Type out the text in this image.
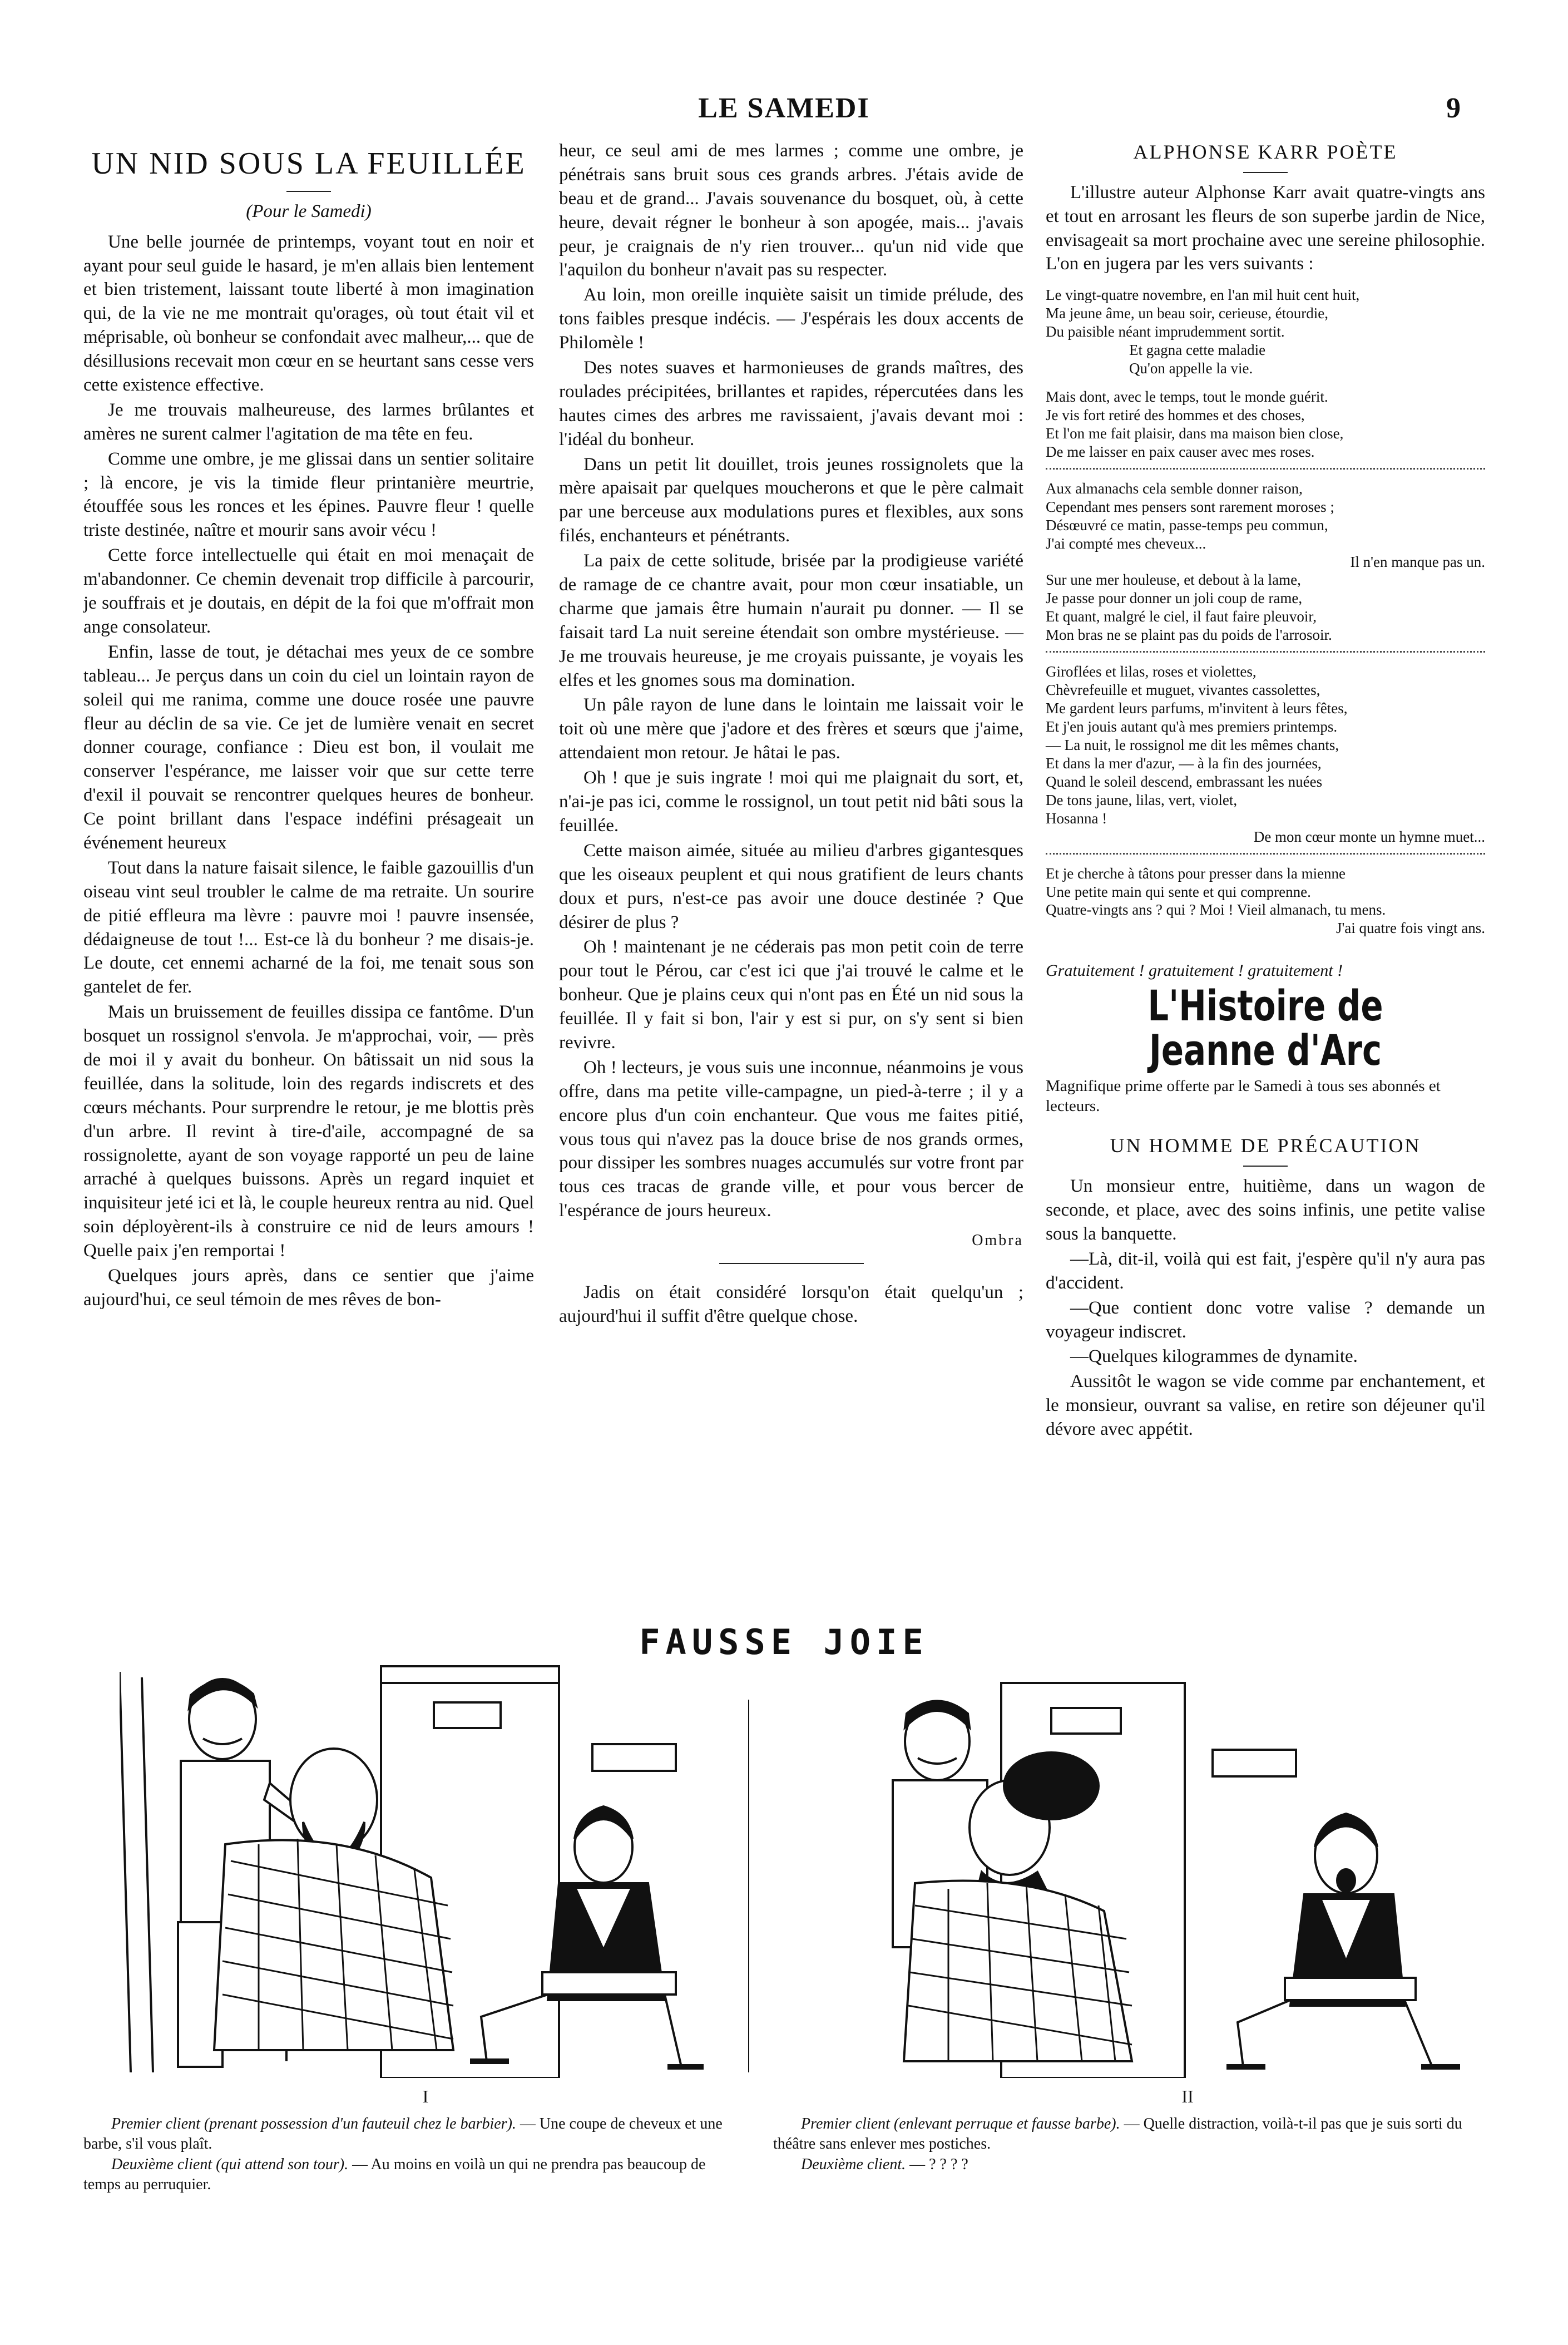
LE SAMEDI	9
UN NID SOUS LA FEUILLÉE
(Pour le Samedi)

Une belle journée de printemps, voyant tout en noir et ayant pour seul guide le hasard, je m'en allais bien lentement et bien tristement, laissant toute liberté à mon imagination qui, de la vie ne me montrait qu'orages, où tout était vil et méprisable, où bonheur se confondait avec malheur,... que de désillusions recevait mon cœur en se heurtant sans cesse vers cette existence effective.

Je me trouvais malheureuse, des larmes brûlantes et amères ne surent calmer l'agitation de ma tête en feu.

Comme une ombre, je me glissai dans un sentier solitaire ; là encore, je vis la timide fleur printanière meurtrie, étouffée sous les ronces et les épines. Pauvre fleur ! quelle triste destinée, naître et mourir sans avoir vécu !

Cette force intellectuelle qui était en moi menaçait de m'abandonner. Ce chemin devenait trop difficile à parcourir, je souffrais et je doutais, en dépit de la foi que m'offrait mon ange consolateur.

Enfin, lasse de tout, je détachai mes yeux de ce sombre tableau... Je perçus dans un coin du ciel un lointain rayon de soleil qui me ranima, comme une douce rosée une pauvre fleur au déclin de sa vie. Ce jet de lumière venait en secret donner courage, confiance : Dieu est bon, il voulait me conserver l'espérance, me laisser voir que sur cette terre d'exil il pouvait se rencontrer quelques heures de bonheur. Ce point brillant dans l'espace indéfini présageait un événement heureux

Tout dans la nature faisait silence, le faible gazouillis d'un oiseau vint seul troubler le calme de ma retraite. Un sourire de pitié effleura ma lèvre : pauvre moi ! pauvre insensée, dédaigneuse de tout !... Est-ce là du bonheur ? me disais-je. Le doute, cet ennemi acharné de la foi, me tenait sous son gantelet de fer.

Mais un bruissement de feuilles dissipa ce fantôme. D'un bosquet un rossignol s'envola. Je m'approchai, voir, — près de moi il y avait du bonheur. On bâtissait un nid sous la feuillée, dans la solitude, loin des regards indiscrets et des cœurs méchants. Pour surprendre le retour, je me blottis près d'un arbre. Il revint à tire-d'aile, accompagné de sa rossignolette, ayant de son voyage rapporté un peu de laine arraché à quelques buissons. Après un regard inquiet et inquisiteur jeté ici et là, le couple heureux rentra au nid. Quel soin déployèrent-ils à construire ce nid de leurs amours ! Quelle paix j'en remportai !

Quelques jours après, dans ce sentier que j'aime aujourd'hui, ce seul témoin de mes rêves de bon-

heur, ce seul ami de mes larmes ; comme une ombre, je pénétrais sans bruit sous ces grands arbres. J'étais avide de beau et de grand... J'avais souvenance du bosquet, où, à cette heure, devait régner le bonheur à son apogée, mais... j'avais peur, je craignais de n'y rien trouver... qu'un nid vide que l'aquilon du bonheur n'avait pas su respecter.

Au loin, mon oreille inquiète saisit un timide prélude, des tons faibles presque indécis. — J'espérais les doux accents de Philomèle !

Des notes suaves et harmonieuses de grands maîtres, des roulades précipitées, brillantes et rapides, répercutées dans les hautes cimes des arbres me ravissaient, j'avais devant moi : l'idéal du bonheur.

Dans un petit lit douillet, trois jeunes rossignolets que la mère apaisait par quelques moucherons et que le père calmait par une berceuse aux modulations pures et flexibles, aux sons filés, enchanteurs et pénétrants.

La paix de cette solitude, brisée par la prodigieuse variété de ramage de ce chantre avait, pour mon cœur insatiable, un charme que jamais être humain n'aurait pu donner. — Il se faisait tard La nuit sereine étendait son ombre mystérieuse. — Je me trouvais heureuse, je me croyais puissante, je voyais les elfes et les gnomes sous ma domination.

Un pâle rayon de lune dans le lointain me laissait voir le toit où une mère que j'adore et des frères et sœurs que j'aime, attendaient mon retour. Je hâtai le pas.

Oh ! que je suis ingrate ! moi qui me plaignait du sort, et, n'ai-je pas ici, comme le rossignol, un tout petit nid bâti sous la feuillée.

Cette maison aimée, située au milieu d'arbres gigantesques que les oiseaux peuplent et qui nous gratifient de leurs chants doux et purs, n'est-ce pas avoir une douce destinée ? Que désirer de plus ?

Oh ! maintenant je ne céderais pas mon petit coin de terre pour tout le Pérou, car c'est ici que j'ai trouvé le calme et le bonheur. Que je plains ceux qui n'ont pas en Été un nid sous la feuillée. Il y fait si bon, l'air y est si pur, on s'y sent si bien revivre.

Oh ! lecteurs, je vous suis une inconnue, néanmoins je vous offre, dans ma petite ville-campagne, un pied-à-terre ; il y a encore plus d'un coin enchanteur. Que vous me faites pitié, vous tous qui n'avez pas la douce brise de nos grands ormes, pour dissiper les sombres nuages accumulés sur votre front par tous ces tracas de grande ville, et pour vous bercer de l'espérance de jours heureux.

Ombra

Jadis on était considéré lorsqu'on était quelqu'un ; aujourd'hui il suffit d'être quelque chose.

ALPHONSE KARR POÈTE

L'illustre auteur Alphonse Karr avait quatre-vingts ans et tout en arrosant les fleurs de son superbe jardin de Nice, envisageait sa mort prochaine avec une sereine philosophie. L'on en jugera par les vers suivants :

Le vingt-quatre novembre, en l'an mil huit cent huit,
Ma jeune âme, un beau soir, cerieuse, étourdie,
Du paisible néant imprudemment sortit.
Et gagna cette maladie
Qu'on appelle la vie.
Mais dont, avec le temps, tout le monde guérit.
Je vis fort retiré des hommes et des choses,
Et l'on me fait plaisir, dans ma maison bien close,
De me laisser en paix causer avec mes roses.
Aux almanachs cela semble donner raison,
Cependant mes pensers sont rarement moroses ;
Désœuvré ce matin, passe-temps peu commun,
J'ai compté mes cheveux...
Il n'en manque pas un.
Sur une mer houleuse, et debout à la lame,
Je passe pour donner un joli coup de rame,
Et quant, malgré le ciel, il faut faire pleuvoir,
Mon bras ne se plaint pas du poids de l'arrosoir.
Giroflées et lilas, roses et violettes,
Chèvrefeuille et muguet, vivantes cassolettes,
Me gardent leurs parfums, m'invitent à leurs fêtes,
Et j'en jouis autant qu'à mes premiers printemps.
— La nuit, le rossignol me dit les mêmes chants,
Et dans la mer d'azur, — à la fin des journées,
Quand le soleil descend, embrassant les nuées
De tons jaune, lilas, vert, violet,
Hosanna !
De mon cœur monte un hymne muet...
Et je cherche à tâtons pour presser dans la mienne
Une petite main qui sente et qui comprenne.
Quatre-vingts ans ? qui ? Moi ! Vieil almanach, tu mens.
J'ai quatre fois vingt ans.
Gratuitement ! gratuitement ! gratuitement !
L'Histoire de Jeanne d'Arc
Magnifique prime offerte par le Samedi à tous ses abonnés et lecteurs.
UN HOMME DE PRÉCAUTION

Un monsieur entre, huitième, dans un wagon de seconde, et place, avec des soins infinis, une petite valise sous la banquette.

—Là, dit-il, voilà qui est fait, j'espère qu'il n'y aura pas d'accident.

—Que contient donc votre valise ? demande un voyageur indiscret.

—Quelques kilogrammes de dynamite.

Aussitôt le wagon se vide comme par enchantement, et le monsieur, ouvrant sa valise, en retire son déjeuner qu'il dévore avec appétit.

FAUSSE JOIE
I	II

Premier client (prenant possession d'un fauteuil chez le barbier). — Une coupe de cheveux et une barbe, s'il vous plaît.

Deuxième client (qui attend son tour). — Au moins en voilà un qui ne prendra pas beaucoup de temps au perruquier.

Premier client (enlevant perruque et fausse barbe). — Quelle distraction, voilà-t-il pas que je suis sorti du théâtre sans enlever mes postiches.

Deuxième client. — ? ? ? ?
